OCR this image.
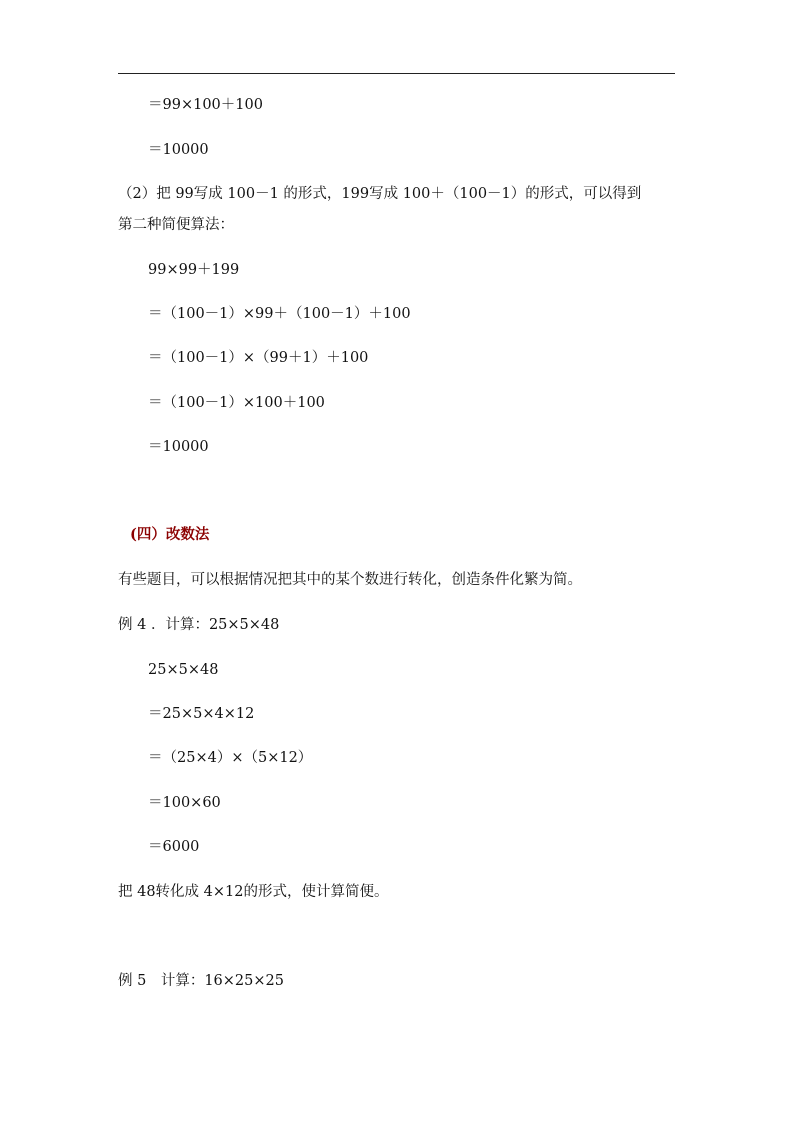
＝99×100＋100
＝10000
（2）把 99写成 100－1 的形式，199写成 100＋（100－1）的形式，可以得到
第二种简便算法：
99×99＋199
＝（100－1）×99＋（100－1）＋100
＝（100－1）×（99＋1）＋100
＝（100－1）×100＋100
＝10000
(四）改数法
有些题目，可以根据情况把其中的某个数进行转化，创造条件化繁为简。
例 4 ．计算：25×5×48
25×5×48
＝25×5×4×12
＝（25×4）×（5×12）
＝100×60
＝6000
把 48转化成 4×12的形式，使计算简便。
例 5　计算：16×25×25
